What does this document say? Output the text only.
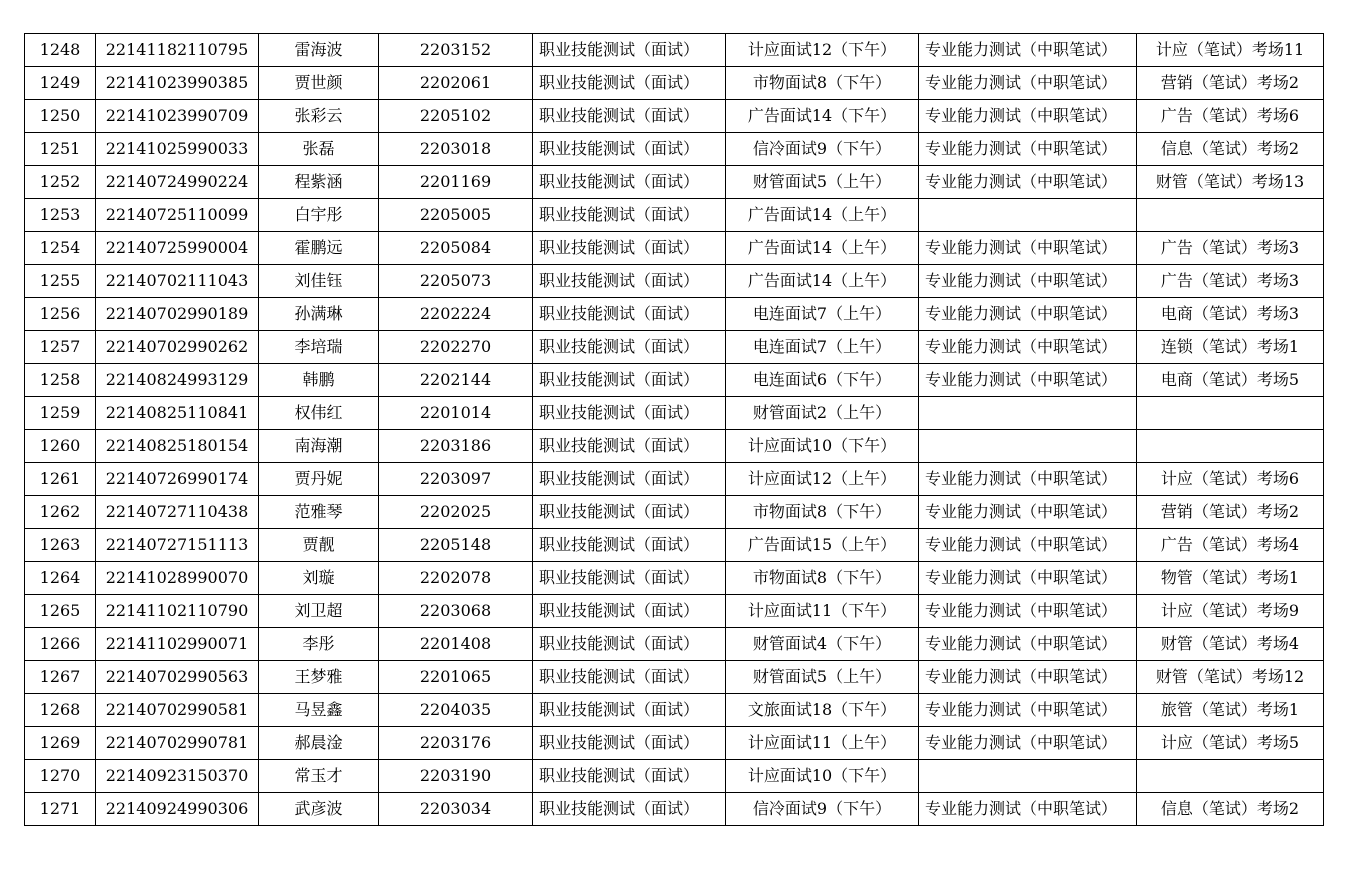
1248	22141182110795	雷海波	2203152	职业技能测试（面试）	计应面试12（下午）	专业能力测试（中职笔试）	计应（笔试）考场11
1249	22141023990385	贾世颜	2202061	职业技能测试（面试）	市物面试8（下午）	专业能力测试（中职笔试）	营销（笔试）考场2
1250	22141023990709	张彩云	2205102	职业技能测试（面试）	广告面试14（下午）	专业能力测试（中职笔试）	广告（笔试）考场6
1251	22141025990033	张磊	2203018	职业技能测试（面试）	信冷面试9（下午）	专业能力测试（中职笔试）	信息（笔试）考场2
1252	22140724990224	程紫涵	2201169	职业技能测试（面试）	财管面试5（上午）	专业能力测试（中职笔试）	财管（笔试）考场13
1253	22140725110099	白宇彤	2205005	职业技能测试（面试）	广告面试14（上午）		
1254	22140725990004	霍鹏远	2205084	职业技能测试（面试）	广告面试14（上午）	专业能力测试（中职笔试）	广告（笔试）考场3
1255	22140702111043	刘佳钰	2205073	职业技能测试（面试）	广告面试14（上午）	专业能力测试（中职笔试）	广告（笔试）考场3
1256	22140702990189	孙满琳	2202224	职业技能测试（面试）	电连面试7（上午）	专业能力测试（中职笔试）	电商（笔试）考场3
1257	22140702990262	李培瑞	2202270	职业技能测试（面试）	电连面试7（上午）	专业能力测试（中职笔试）	连锁（笔试）考场1
1258	22140824993129	韩鹏	2202144	职业技能测试（面试）	电连面试6（下午）	专业能力测试（中职笔试）	电商（笔试）考场5
1259	22140825110841	权伟红	2201014	职业技能测试（面试）	财管面试2（上午）		
1260	22140825180154	南海潮	2203186	职业技能测试（面试）	计应面试10（下午）		
1261	22140726990174	贾丹妮	2203097	职业技能测试（面试）	计应面试12（上午）	专业能力测试（中职笔试）	计应（笔试）考场6
1262	22140727110438	范雅琴	2202025	职业技能测试（面试）	市物面试8（下午）	专业能力测试（中职笔试）	营销（笔试）考场2
1263	22140727151113	贾靓	2205148	职业技能测试（面试）	广告面试15（上午）	专业能力测试（中职笔试）	广告（笔试）考场4
1264	22141028990070	刘璇	2202078	职业技能测试（面试）	市物面试8（下午）	专业能力测试（中职笔试）	物管（笔试）考场1
1265	22141102110790	刘卫超	2203068	职业技能测试（面试）	计应面试11（下午）	专业能力测试（中职笔试）	计应（笔试）考场9
1266	22141102990071	李彤	2201408	职业技能测试（面试）	财管面试4（下午）	专业能力测试（中职笔试）	财管（笔试）考场4
1267	22140702990563	王梦雅	2201065	职业技能测试（面试）	财管面试5（上午）	专业能力测试（中职笔试）	财管（笔试）考场12
1268	22140702990581	马昱鑫	2204035	职业技能测试（面试）	文旅面试18（下午）	专业能力测试（中职笔试）	旅管（笔试）考场1
1269	22140702990781	郝晨淦	2203176	职业技能测试（面试）	计应面试11（上午）	专业能力测试（中职笔试）	计应（笔试）考场5
1270	22140923150370	常玉才	2203190	职业技能测试（面试）	计应面试10（下午）		
1271	22140924990306	武彦波	2203034	职业技能测试（面试）	信冷面试9（下午）	专业能力测试（中职笔试）	信息（笔试）考场2
